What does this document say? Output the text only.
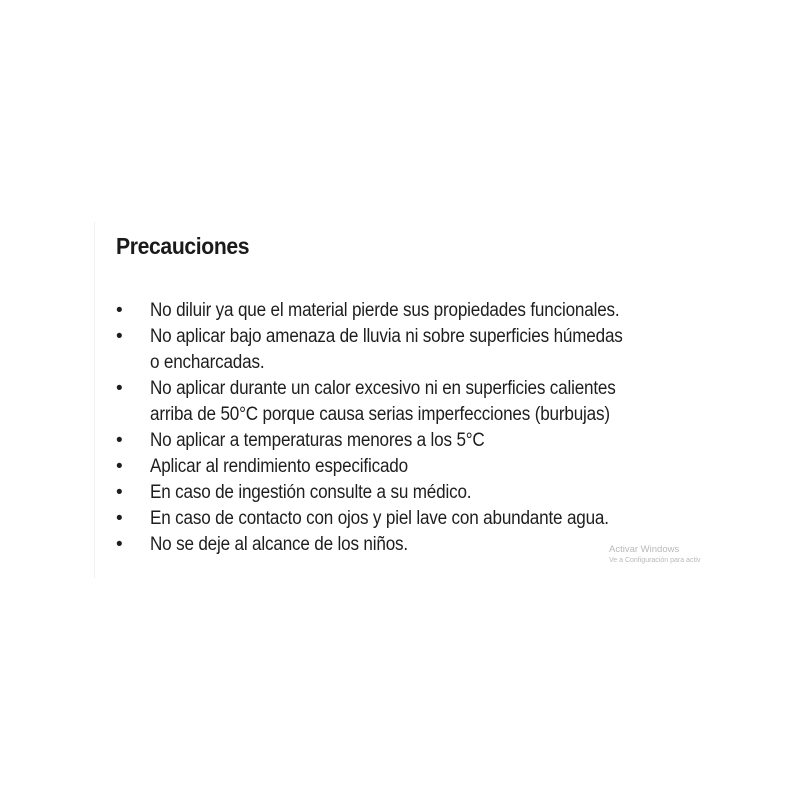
Precauciones
• No diluir ya que el material pierde sus propiedades funcionales.
• No aplicar bajo amenaza de lluvia ni sobre superficies húmedas
o encharcadas.
• No aplicar durante un calor excesivo ni en superficies calientes
arriba de 50°C porque causa serias imperfecciones (burbujas)
• No aplicar a temperaturas menores a los 5°C
• Aplicar al rendimiento especificado
• En caso de ingestión consulte a su médico.
• En caso de contacto con ojos y piel lave con abundante agua.
• No se deje al alcance de los niños.	Activar Windows
Ve a Configuración para activ
